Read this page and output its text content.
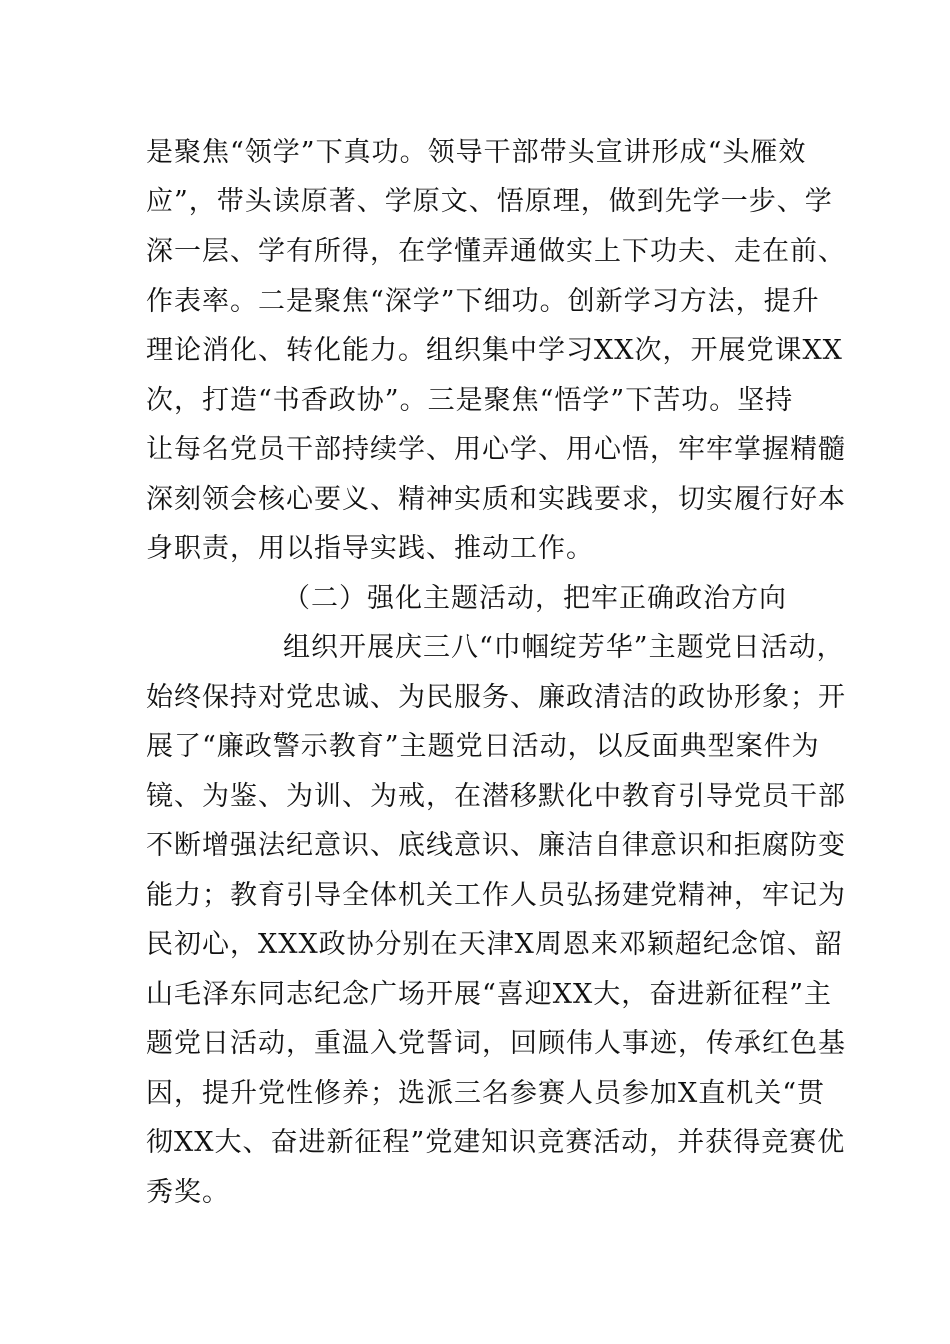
是聚焦“领学”下真功。领导干部带头宣讲形成“头雁效
应”，带头读原著、学原文、悟原理，做到先学一步、学
深一层、学有所得，在学懂弄通做实上下功夫、走在前、
作表率。二是聚焦“深学”下细功。创新学习方法，提升
理论消化、转化能力。组织集中学习XX次，开展党课XX
次，打造“书香政协”。三是聚焦“悟学”下苦功。坚持
让每名党员干部持续学、用心学、用心悟，牢牢掌握精髓
深刻领会核心要义、精神实质和实践要求，切实履行好本
身职责，用以指导实践、推动工作。
（二）强化主题活动，把牢正确政治方向
组织开展庆三八“巾帼绽芳华”主题党日活动，
始终保持对党忠诚、为民服务、廉政清洁的政协形象；开
展了“廉政警示教育”主题党日活动，以反面典型案件为
镜、为鉴、为训、为戒，在潜移默化中教育引导党员干部
不断增强法纪意识、底线意识、廉洁自律意识和拒腐防变
能力；教育引导全体机关工作人员弘扬建党精神，牢记为
民初心，XXX政协分别在天津X周恩来邓颖超纪念馆、韶
山毛泽东同志纪念广场开展“喜迎XX大，奋进新征程”主
题党日活动，重温入党誓词，回顾伟人事迹，传承红色基
因，提升党性修养；选派三名参赛人员参加X直机关“贯
彻XX大、奋进新征程”党建知识竞赛活动，并获得竞赛优
秀奖。
